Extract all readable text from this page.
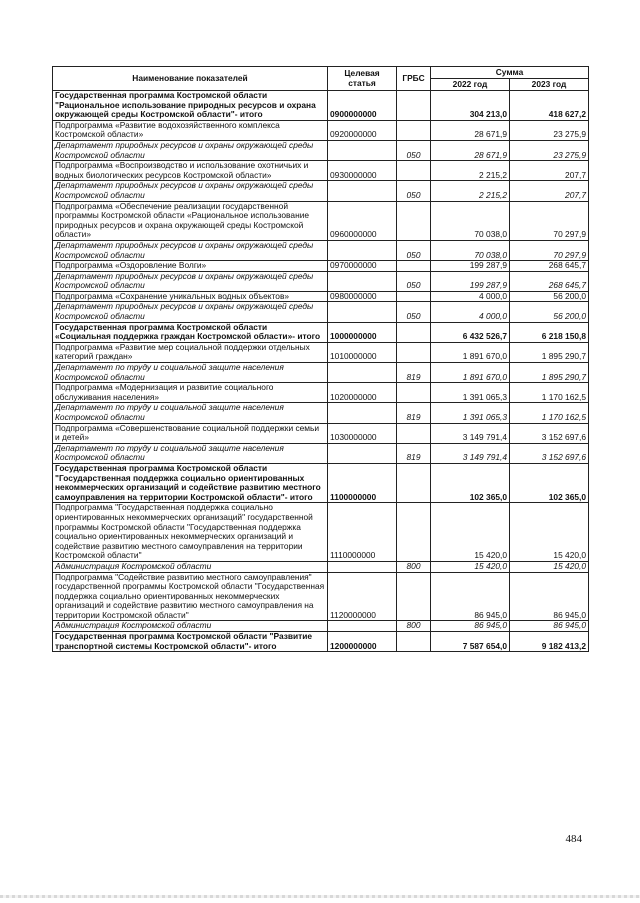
Наименование показателей	Целевая статья	ГРБС	Сумма	
			2022 год	2023 год
Государственная программа Костромской области "Рациональное использование природных ресурсов и охрана окружающей среды Костромской области"- итого	0900000000		304 213,0	418 627,2
Подпрограмма «Развитие водохозяйственного комплекса Костромской области»	0920000000		28 671,9	23 275,9
Департамент природных ресурсов и охраны окружающей среды Костромской области		050	28 671,9	23 275,9
Подпрограмма «Воспроизводство и использование охотничьих и водных биологических ресурсов Костромской области»	0930000000		2 215,2	207,7
Департамент природных ресурсов и охраны окружающей среды Костромской области		050	2 215,2	207,7
Подпрограмма «Обеспечение реализации государственной программы Костромской области «Рациональное использование природных ресурсов и охрана окружающей среды Костромской области»	0960000000		70 038,0	70 297,9
Департамент природных ресурсов и охраны окружающей среды Костромской области		050	70 038,0	70 297,9
Подпрограмма «Оздоровление Волги»	0970000000		199 287,9	268 645,7
Департамент природных ресурсов и охраны окружающей среды Костромской области		050	199 287,9	268 645,7
Подпрограмма «Сохранение уникальных водных объектов»	0980000000		4 000,0	56 200,0
Департамент природных ресурсов и охраны окружающей среды Костромской области		050	4 000,0	56 200,0
Государственная программа Костромской области «Социальная поддержка граждан Костромской области»- итого	1000000000		6 432 526,7	6 218 150,8
Подпрограмма «Развитие мер социальной поддержки отдельных категорий граждан»	1010000000		1 891 670,0	1 895 290,7
Департамент по труду и социальной защите населения Костромской области		819	1 891 670,0	1 895 290,7
Подпрограмма «Модернизация и развитие социального обслуживания населения»	1020000000		1 391 065,3	1 170 162,5
Департамент по труду и социальной защите населения Костромской области		819	1 391 065,3	1 170 162,5
Подпрограмма «Совершенствование социальной поддержки семьи и детей»	1030000000		3 149 791,4	3 152 697,6
Департамент по труду и социальной защите населения Костромской области		819	3 149 791,4	3 152 697,6
Государственная программа Костромской области "Государственная поддержка социально ориентированных некоммерческих организаций и содействие развитию местного самоуправления на территории Костромской области"- итого	1100000000		102 365,0	102 365,0
Подпрограмма "Государственная поддержка социально ориентированных некоммерческих организаций" государственной программы Костромской области "Государственная поддержка социально ориентированных некоммерческих организаций и содействие развитию местного самоуправления на территории Костромской области"	1110000000		15 420,0	15 420,0
Администрация Костромской области		800	15 420,0	15 420,0
Подпрограмма "Содействие развитию местного самоуправления" государственной программы Костромской области "Государственная поддержка социально ориентированных некоммерческих организаций и содействие развитию местного самоуправления на территории Костромской области"	1120000000		86 945,0	86 945,0
Администрация Костромской области		800	86 945,0	86 945,0
Государственная программа Костромской области "Развитие транспортной системы Костромской области"- итого	1200000000		7 587 654,0	9 182 413,2
484
